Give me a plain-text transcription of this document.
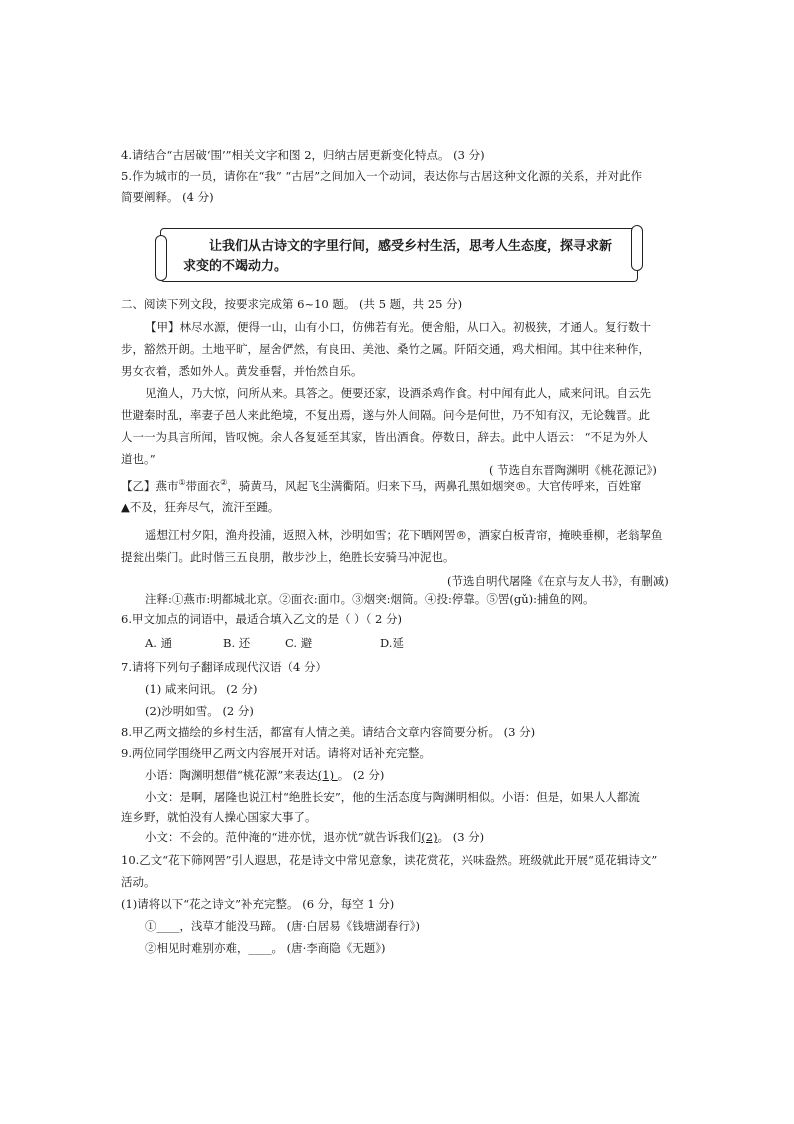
4.请结合“古居破‘围’”相关文字和图 2，归纳古居更新变化特点。 (3 分)
5.作为城市的一员，请你在“我” “古居”之间加入一个动词，表达你与古居这种文化源的关系，并对此作
简要阐释。 (4 分)
让我们从古诗文的字里行间，感受乡村生活，思考人生态度，探寻求新求变的不竭动力。
二、阅读下列文段，按要求完成第 6~10 题。 (共 5 题，共 25 分)
【甲】林尽水源，便得一山，山有小口，仿佛若有光。便舍船，从口入。初极狭，才通人。复行数十
步，豁然开朗。土地平旷，屋舍俨然，有良田、美池、桑竹之属。阡陌交通，鸡犬相闻。其中往来种作，
男女衣着，悉如外人。黄发垂髫，并怡然自乐。
见渔人，乃大惊，问所从来。具答之。便要还家，设酒杀鸡作食。村中闻有此人，咸来问讯。自云先
世避秦时乱，率妻子邑人来此绝境，不复出焉，遂与外人间隔。问今是何世，乃不知有汉，无论魏晋。此
人一一为具言所闻，皆叹惋。余人各复延至其家，皆出酒食。停数日，辞去。此中人语云： “不足为外人
道也。”
( 节选自东晋陶渊明《桃花源记》)
【乙】燕市①带面衣②，骑黄马，风起飞尘满衢陌。归来下马，两鼻孔黑如烟突®。大官传呼来，百姓窜
▲不及，狂奔尽气，流汗至踵。
遥想江村夕阳，渔舟投浦，返照入林，沙明如雪；花下晒网罟®，酒家白板青帘，掩映垂柳，老翁挈鱼
提瓮出柴门。此时偕三五良朋，散步沙上，绝胜长安骑马冲泥也。
(节选自明代屠隆《在京与友人书》，有删减)
注释:①燕市:明都城北京。②面衣:面巾。③烟突:烟筒。④投:停靠。⑤罟(gǔ):捕鱼的网。
6.甲文加点的词语中，最适合填入乙文的是（ ）（ 2 分)
A. 通	B. 还	C. 避	D.延
7.请将下列句子翻译成现代汉语（4 分）
(1) 咸来问讯。 (2 分)
(2)沙明如雪。 (2 分)
8.甲乙两文描绘的乡村生活，都富有人情之美。请结合文章内容简要分析。 (3 分)
9.两位同学围绕甲乙两文内容展开对话。请将对话补充完整。
小语：陶渊明想借“桃花源”来表达(1) 。 (2 分)
小文：是啊，屠隆也说江村“绝胜长安”，他的生活态度与陶渊明相似。小语：但是，如果人人都流
连乡野，就怕没有人操心国家大事了。
小文：不会的。范仲淹的“进亦忧，退亦忧”就告诉我们(2)。 (3 分)
10.乙文“花下筛网罟”引人遐思，花是诗文中常见意象，读花赏花，兴味盎然。班级就此开展“觅花辑诗文”
活动。
(1)请将以下“花之诗文”补充完整。 (6 分，每空 1 分)
①____，浅草才能没马蹄。 (唐·白居易《钱塘湖春行》)
②相见时难别亦难，____。 (唐·李商隐《无题》)
